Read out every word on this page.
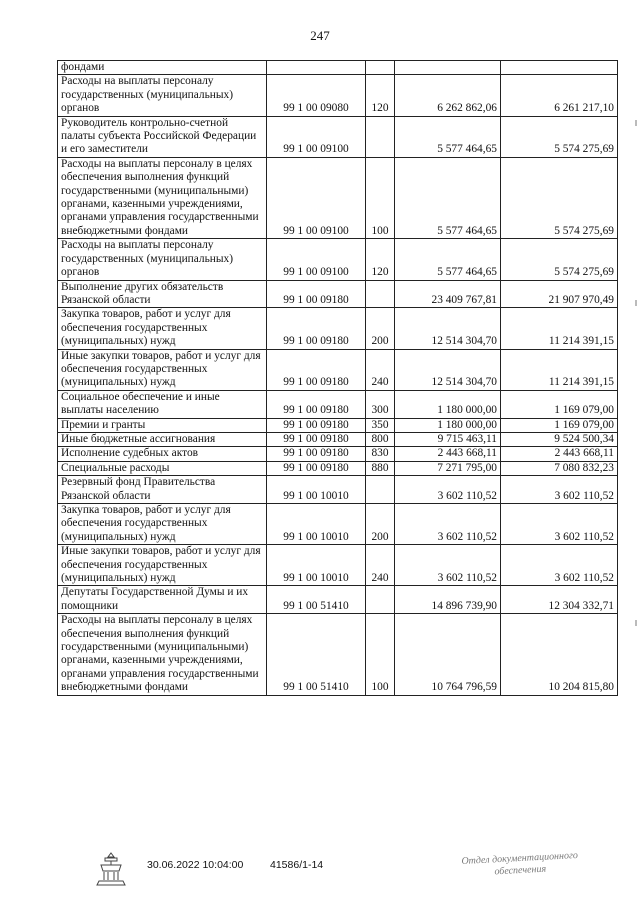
247
фондами				
Расходы на выплаты персоналу государственных (муниципальных) органов	99 1 00 09080	120	6 262 862,06	6 261 217,10
Руководитель контрольно-счетной палаты субъекта Российской Федерации и его заместители	99 1 00 09100		5 577 464,65	5 574 275,69
Расходы на выплаты персоналу в целях обеспечения выполнения функций государственными (муниципальными) органами, казенными учреждениями, органами управления государственными внебюджетными фондами	99 1 00 09100	100	5 577 464,65	5 574 275,69
Расходы на выплаты персоналу государственных (муниципальных) органов	99 1 00 09100	120	5 577 464,65	5 574 275,69
Выполнение других обязательств Рязанской области	99 1 00 09180		23 409 767,81	21 907 970,49
Закупка товаров, работ и услуг для обеспечения государственных (муниципальных) нужд	99 1 00 09180	200	12 514 304,70	11 214 391,15
Иные закупки товаров, работ и услуг для обеспечения государственных (муниципальных) нужд	99 1 00 09180	240	12 514 304,70	11 214 391,15
Социальное обеспечение и иные выплаты населению	99 1 00 09180	300	1 180 000,00	1 169 079,00
Премии и гранты	99 1 00 09180	350	1 180 000,00	1 169 079,00
Иные бюджетные ассигнования	99 1 00 09180	800	9 715 463,11	9 524 500,34
Исполнение судебных актов	99 1 00 09180	830	2 443 668,11	2 443 668,11
Специальные расходы	99 1 00 09180	880	7 271 795,00	7 080 832,23
Резервный фонд Правительства Рязанской области	99 1 00 10010		3 602 110,52	3 602 110,52
Закупка товаров, работ и услуг для обеспечения государственных (муниципальных) нужд	99 1 00 10010	200	3 602 110,52	3 602 110,52
Иные закупки товаров, работ и услуг для обеспечения государственных (муниципальных) нужд	99 1 00 10010	240	3 602 110,52	3 602 110,52
Депутаты Государственной Думы и их помощники	99 1 00 51410		14 896 739,90	12 304 332,71
Расходы на выплаты персоналу в целях обеспечения выполнения функций государственными (муниципальными) органами, казенными учреждениями, органами управления государственными внебюджетными фондами	99 1 00 51410	100	10 764 796,59	10 204 815,80
30.06.2022 10:04:00	41586/1-14	Отдел документационного
обеспечения
